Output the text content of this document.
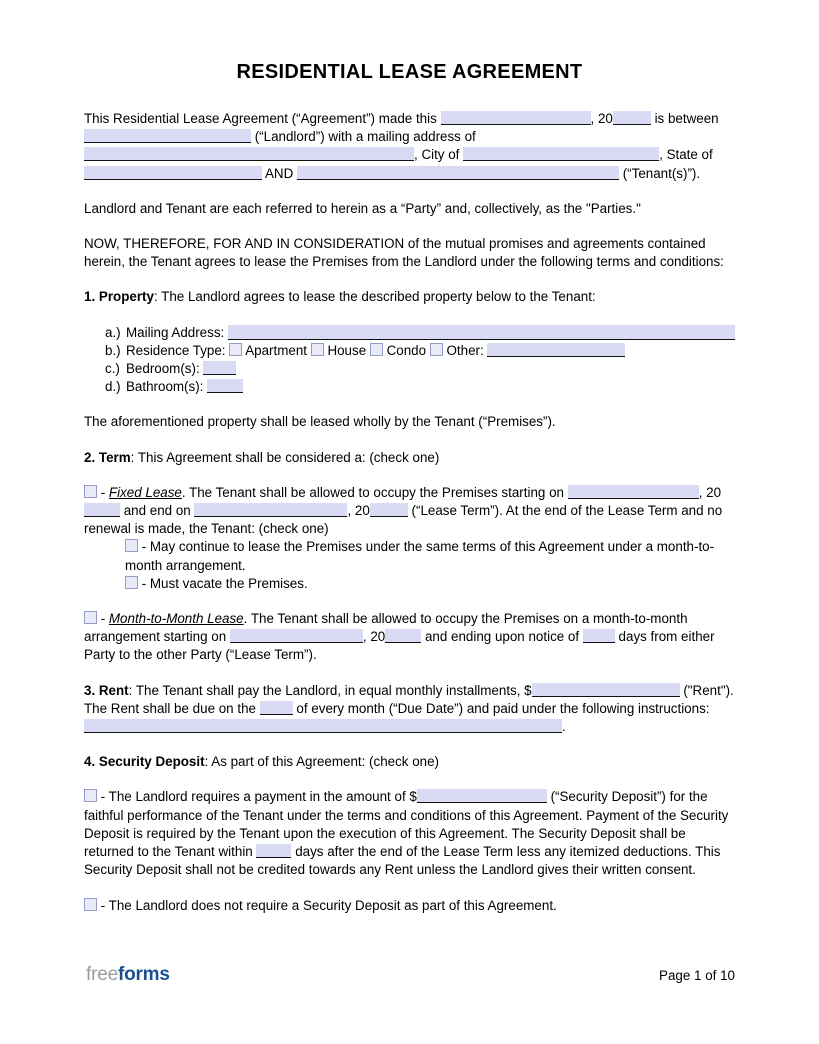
RESIDENTIAL LEASE AGREEMENT
This Residential Lease Agreement (“Agreement”) made this	, 20	is between  (“Landlord”) with a mailing address of , City of	, State of  AND	(“Tenant(s)”).
Landlord and Tenant are each referred to herein as a “Party” and, collectively, as the "Parties."
NOW, THEREFORE, FOR AND IN CONSIDERATION of the mutual promises and agreements contained herein, the Tenant agrees to lease the Premises from the Landlord under the following terms and conditions:
1. Property: The Landlord agrees to lease the described property below to the Tenant:
a.) Mailing Address:
b.) Residence Type:  Apartment  House  Condo  Other:
c.) Bedroom(s):
d.) Bathroom(s):
The aforementioned property shall be leased wholly by the Tenant (“Premises”).
2. Term: This Agreement shall be considered a: (check one)
- Fixed Lease. The Tenant shall be allowed to occupy the Premises starting on	, 20 and end on	, 20	(“Lease Term”). At the end of the Lease Term and no renewal is made, the Tenant: (check one)
- May continue to lease the Premises under the same terms of this Agreement under a month-to-month arrangement.
- Must vacate the Premises.
- Month-to-Month Lease. The Tenant shall be allowed to occupy the Premises on a month-to-month arrangement starting on	, 20	and ending upon notice of  days from either Party to the other Party (“Lease Term”).
3. Rent: The Tenant shall pay the Landlord, in equal monthly installments, $	("Rent"). The Rent shall be due on the  of every month (“Due Date”) and paid under the following instructions: .
4. Security Deposit: As part of this Agreement: (check one)
- The Landlord requires a payment in the amount of $	(“Security Deposit”) for the faithful performance of the Tenant under the terms and conditions of this Agreement. Payment of the Security Deposit is required by the Tenant upon the execution of this Agreement. The Security Deposit shall be returned to the Tenant within	days after the end of the Lease Term less any itemized deductions. This Security Deposit shall not be credited towards any Rent unless the Landlord gives their written consent.
- The Landlord does not require a Security Deposit as part of this Agreement.
freeforms	Page 1 of 10
